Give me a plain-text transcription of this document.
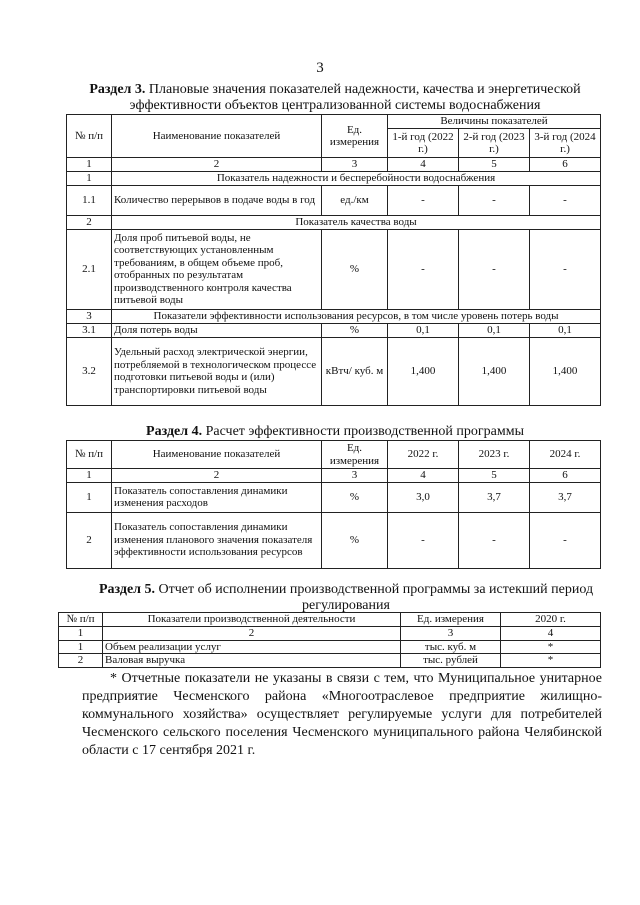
3
Раздел 3. Плановые значения показателей надежности, качества и энергетической эффективности объектов централизованной системы водоснабжения
№ п/п	Наименование показателей	Ед. измерения	Величины показателей		
			1-й год (2022 г.)	2-й год (2023 г.)	3-й год (2024 г.)
1	2	3	4	5	6
1	Показатель надежности и бесперебойности водоснабжения				
1.1	Количество перерывов в подаче воды в год	ед./км	-	-	-
2	Показатель качества воды				
2.1	Доля проб питьевой воды, не соответствующих установленным требованиям, в общем объеме проб, отобранных по результатам производственного контроля качества питьевой воды	%	-	-	-
3	Показатели эффективности использования ресурсов, в том числе уровень потерь воды				
3.1	Доля потерь воды	%	0,1	0,1	0,1
3.2	Удельный расход электрической энергии, потребляемой в технологическом процессе подготовки питьевой воды и (или) транспортировки питьевой воды	кВтч/ куб. м	1,400	1,400	1,400
Раздел 4. Расчет эффективности производственной программы
№ п/п	Наименование показателей	Ед. измерения	2022 г.	2023 г.	2024 г.
1	2	3	4	5	6
1	Показатель сопоставления динамики изменения расходов	%	3,0	3,7	3,7
2	Показатель сопоставления динамики изменения планового значения показателя эффективности использования ресурсов	%	-	-	-
Раздел 5. Отчет об исполнении производственной программы за истекший период регулирования
№ п/п	Показатели производственной деятельности	Ед. измерения	2020 г.
1	2	3	4
1	Объем реализации услуг	тыс. куб. м	*
2	Валовая выручка	тыс. рублей	*
* Отчетные показатели не указаны в связи с тем, что Муниципальное унитарное предприятие Чесменского района «Многоотраслевое предприятие жилищно-коммунального хозяйства» осуществляет регулируемые услуги для потребителей Чесменского сельского поселения Чесменского муниципального района Челябинской области с 17 сентября 2021 г.
